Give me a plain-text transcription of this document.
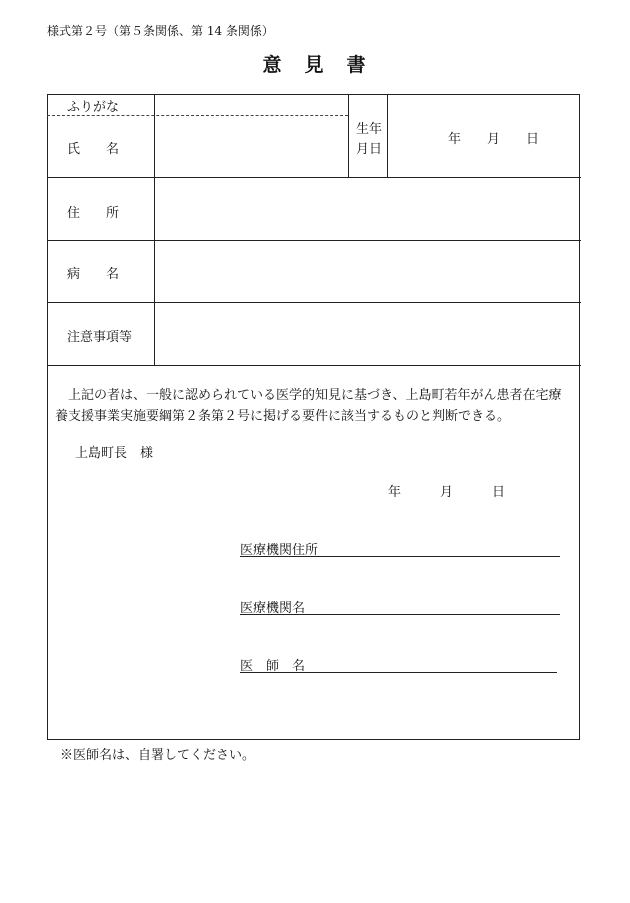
様式第２号（第５条関係、第 14 条関係）
意　見　書
ふりがな
氏　　名
生年
月日
年　　月　　日
住　　所
病　　名
注意事項等
上記の者は、一般に認められている医学的知見に基づき、上島町若年がん患者在宅療
養支援事業実施要綱第２条第２号に掲げる要件に該当するものと判断できる。
上島町長　様
年　　　月　　　日
医療機関住所
医療機関名
医　師　名
※医師名は、自署してください。
